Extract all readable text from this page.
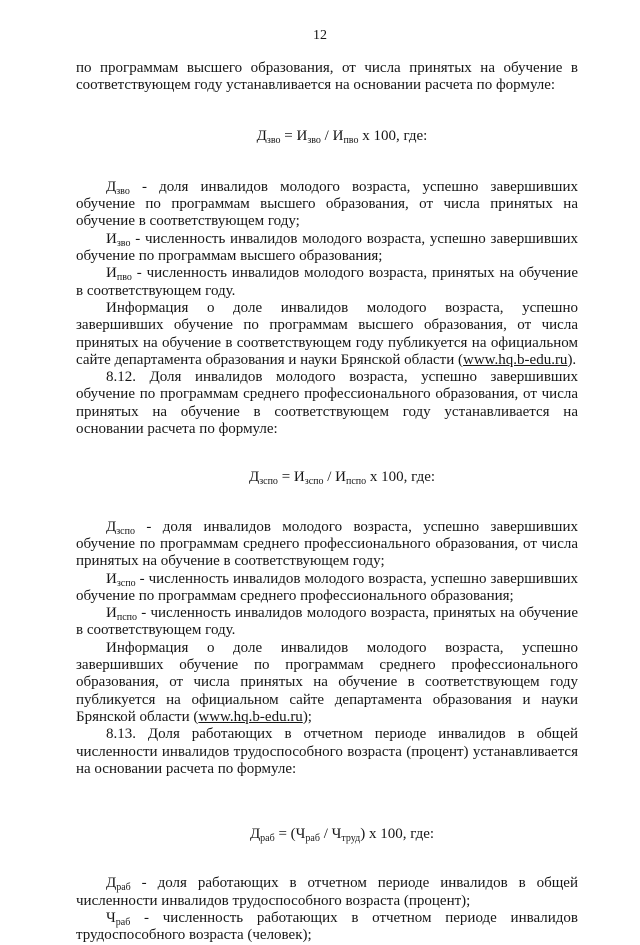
12

по программам высшего образования, от числа принятых на обучение в соответствующем году устанавливается на основании расчета по формуле:

$Д_{зво} = И_{зво} / И_{пво}$ х 100, где:

$Д_{зво}$ - доля инвалидов молодого возраста, успешно завершивших обучение по программам высшего образования, от числа принятых на обучение в соответствующем году;

$И_{зво}$ - численность инвалидов молодого возраста, успешно завершивших обучение по программам высшего образования;

$И_{пво}$ - численность инвалидов молодого возраста, принятых на обучение в соответствующем году.

Информация о доле инвалидов молодого возраста, успешно завершивших обучение по программам высшего образования, от числа принятых на обучение в соответствующем году публикуется на официальном сайте департамента образования и науки Брянской области (www.hq.b-edu.ru).

8.12. Доля инвалидов молодого возраста, успешно завершивших обучение по программам среднего профессионального образования, от числа принятых на обучение в соответствующем году устанавливается на основании расчета по формуле:

$Д_{зспо} = И_{зспо} / И_{пспо}$ х 100, где:

$Д_{зспо}$ - доля инвалидов молодого возраста, успешно завершивших обучение по программам среднего профессионального образования, от числа принятых на обучение в соответствующем году;

$И_{зспо}$ - численность инвалидов молодого возраста, успешно завершивших обучение по программам среднего профессионального образования;

$И_{пспо}$ - численность инвалидов молодого возраста, принятых на обучение в соответствующем году.

Информация о доле инвалидов молодого возраста, успешно завершивших обучение по программам среднего профессионального образования, от числа принятых на обучение в соответствующем году публикуется на официальном сайте департамента образования и науки Брянской области (www.hq.b-edu.ru);

8.13. Доля работающих в отчетном периоде инвалидов в общей численности инвалидов трудоспособного возраста (процент) устанавливается на основании расчета по формуле:

$Д_{раб} = (Ч_{раб} / Ч_{труд})$ х 100, где:

$Д_{раб}$ - доля работающих в отчетном периоде инвалидов в общей численности инвалидов трудоспособного возраста (процент);

$Ч_{раб}$ - численность работающих в отчетном периоде инвалидов

трудоспособного возраста (человек);
